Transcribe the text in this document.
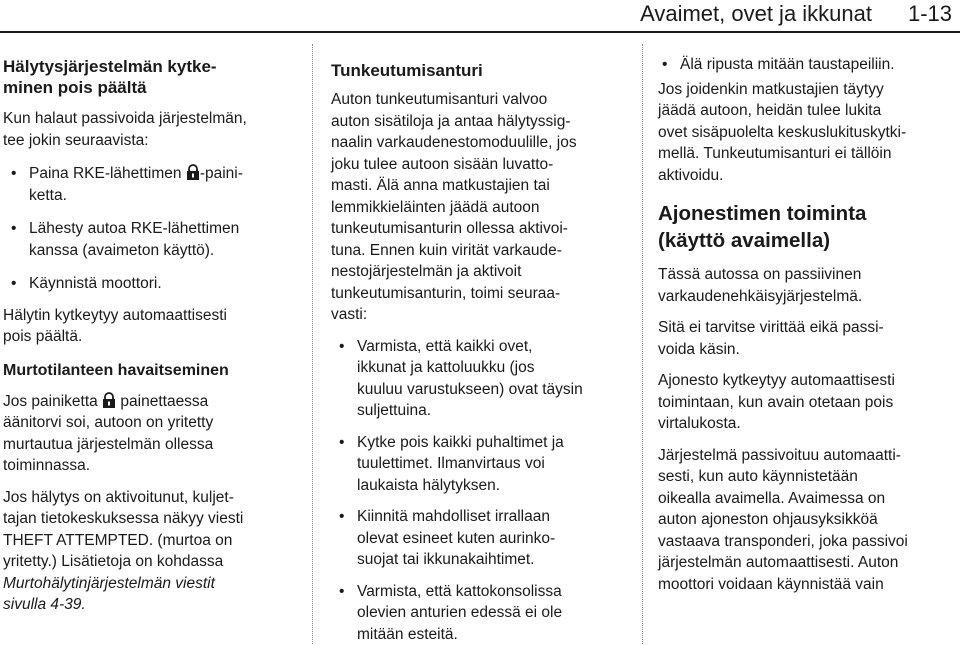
Avaimet, ovet ja ikkunat 1-13

Hälytysjärjestelmän kytke-
minen pois päältä

Kun halaut passivoida järjestelmän,
tee jokin seuraavista:

• Paina RKE-lähettimen -paini-
ketta.

• Lähesty autoa RKE-lähettimen
kanssa (avaimeton käyttö).

• Käynnistä moottori.

Hälytin kytkeytyy automaattisesti
pois päältä.

Murtotilanteen havaitseminen

Jos painiketta painettaessa
äänitorvi soi, autoon on yritetty
murtautua järjestelmän ollessa
toiminnassa.

Jos hälytys on aktivoitunut, kuljet-
tajan tietokeskuksessa näkyy viesti
THEFT ATTEMPTED. (murtoa on
yritetty.) Lisätietoja on kohdassa
Murtohälytinjärjestelmän viestit
sivulla 4-39.

Tunkeutumisanturi

Auton tunkeutumisanturi valvoo
auton sisätiloja ja antaa hälytyssig-
naalin varkaudenestomoduulille, jos
joku tulee autoon sisään luvatto-
masti. Älä anna matkustajien tai
lemmikkieläinten jäädä autoon
tunkeutumisanturin ollessa aktivoi-
tuna. Ennen kuin virität varkaude-
nestojärjestelmän ja aktivoit
tunkeutumisanturin, toimi seuraa-
vasti:

• Varmista, että kaikki ovet,
ikkunat ja kattoluukku (jos
kuuluu varustukseen) ovat täysin
suljettuina.

• Kytke pois kaikki puhaltimet ja
tuulettimet. Ilmanvirtaus voi
laukaista hälytyksen.

• Kiinnitä mahdolliset irrallaan
olevat esineet kuten aurinko-
suojat tai ikkunakaihtimet.

• Varmista, että kattokonsolissa
olevien anturien edessä ei ole
mitään esteitä.

• Älä ripusta mitään taustapeiliin.

Jos joidenkin matkustajien täytyy
jäädä autoon, heidän tulee lukita
ovet sisäpuolelta keskuslukituskytki-
mellä. Tunkeutumisanturi ei tällöin
aktivoidu.

Ajonestimen toiminta
(käyttö avaimella)

Tässä autossa on passiivinen
varkaudenehkäisyjärjestelmä.

Sitä ei tarvitse virittää eikä passi-
voida käsin.

Ajonesto kytkeytyy automaattisesti
toimintaan, kun avain otetaan pois
virtalukosta.

Järjestelmä passivoituu automaatti-
sesti, kun auto käynnistetään
oikealla avaimella. Avaimessa on
auton ajoneston ohjausyksikköä
vastaava transponderi, joka passivoi
järjestelmän automaattisesti. Auton
moottori voidaan käynnistää vain
